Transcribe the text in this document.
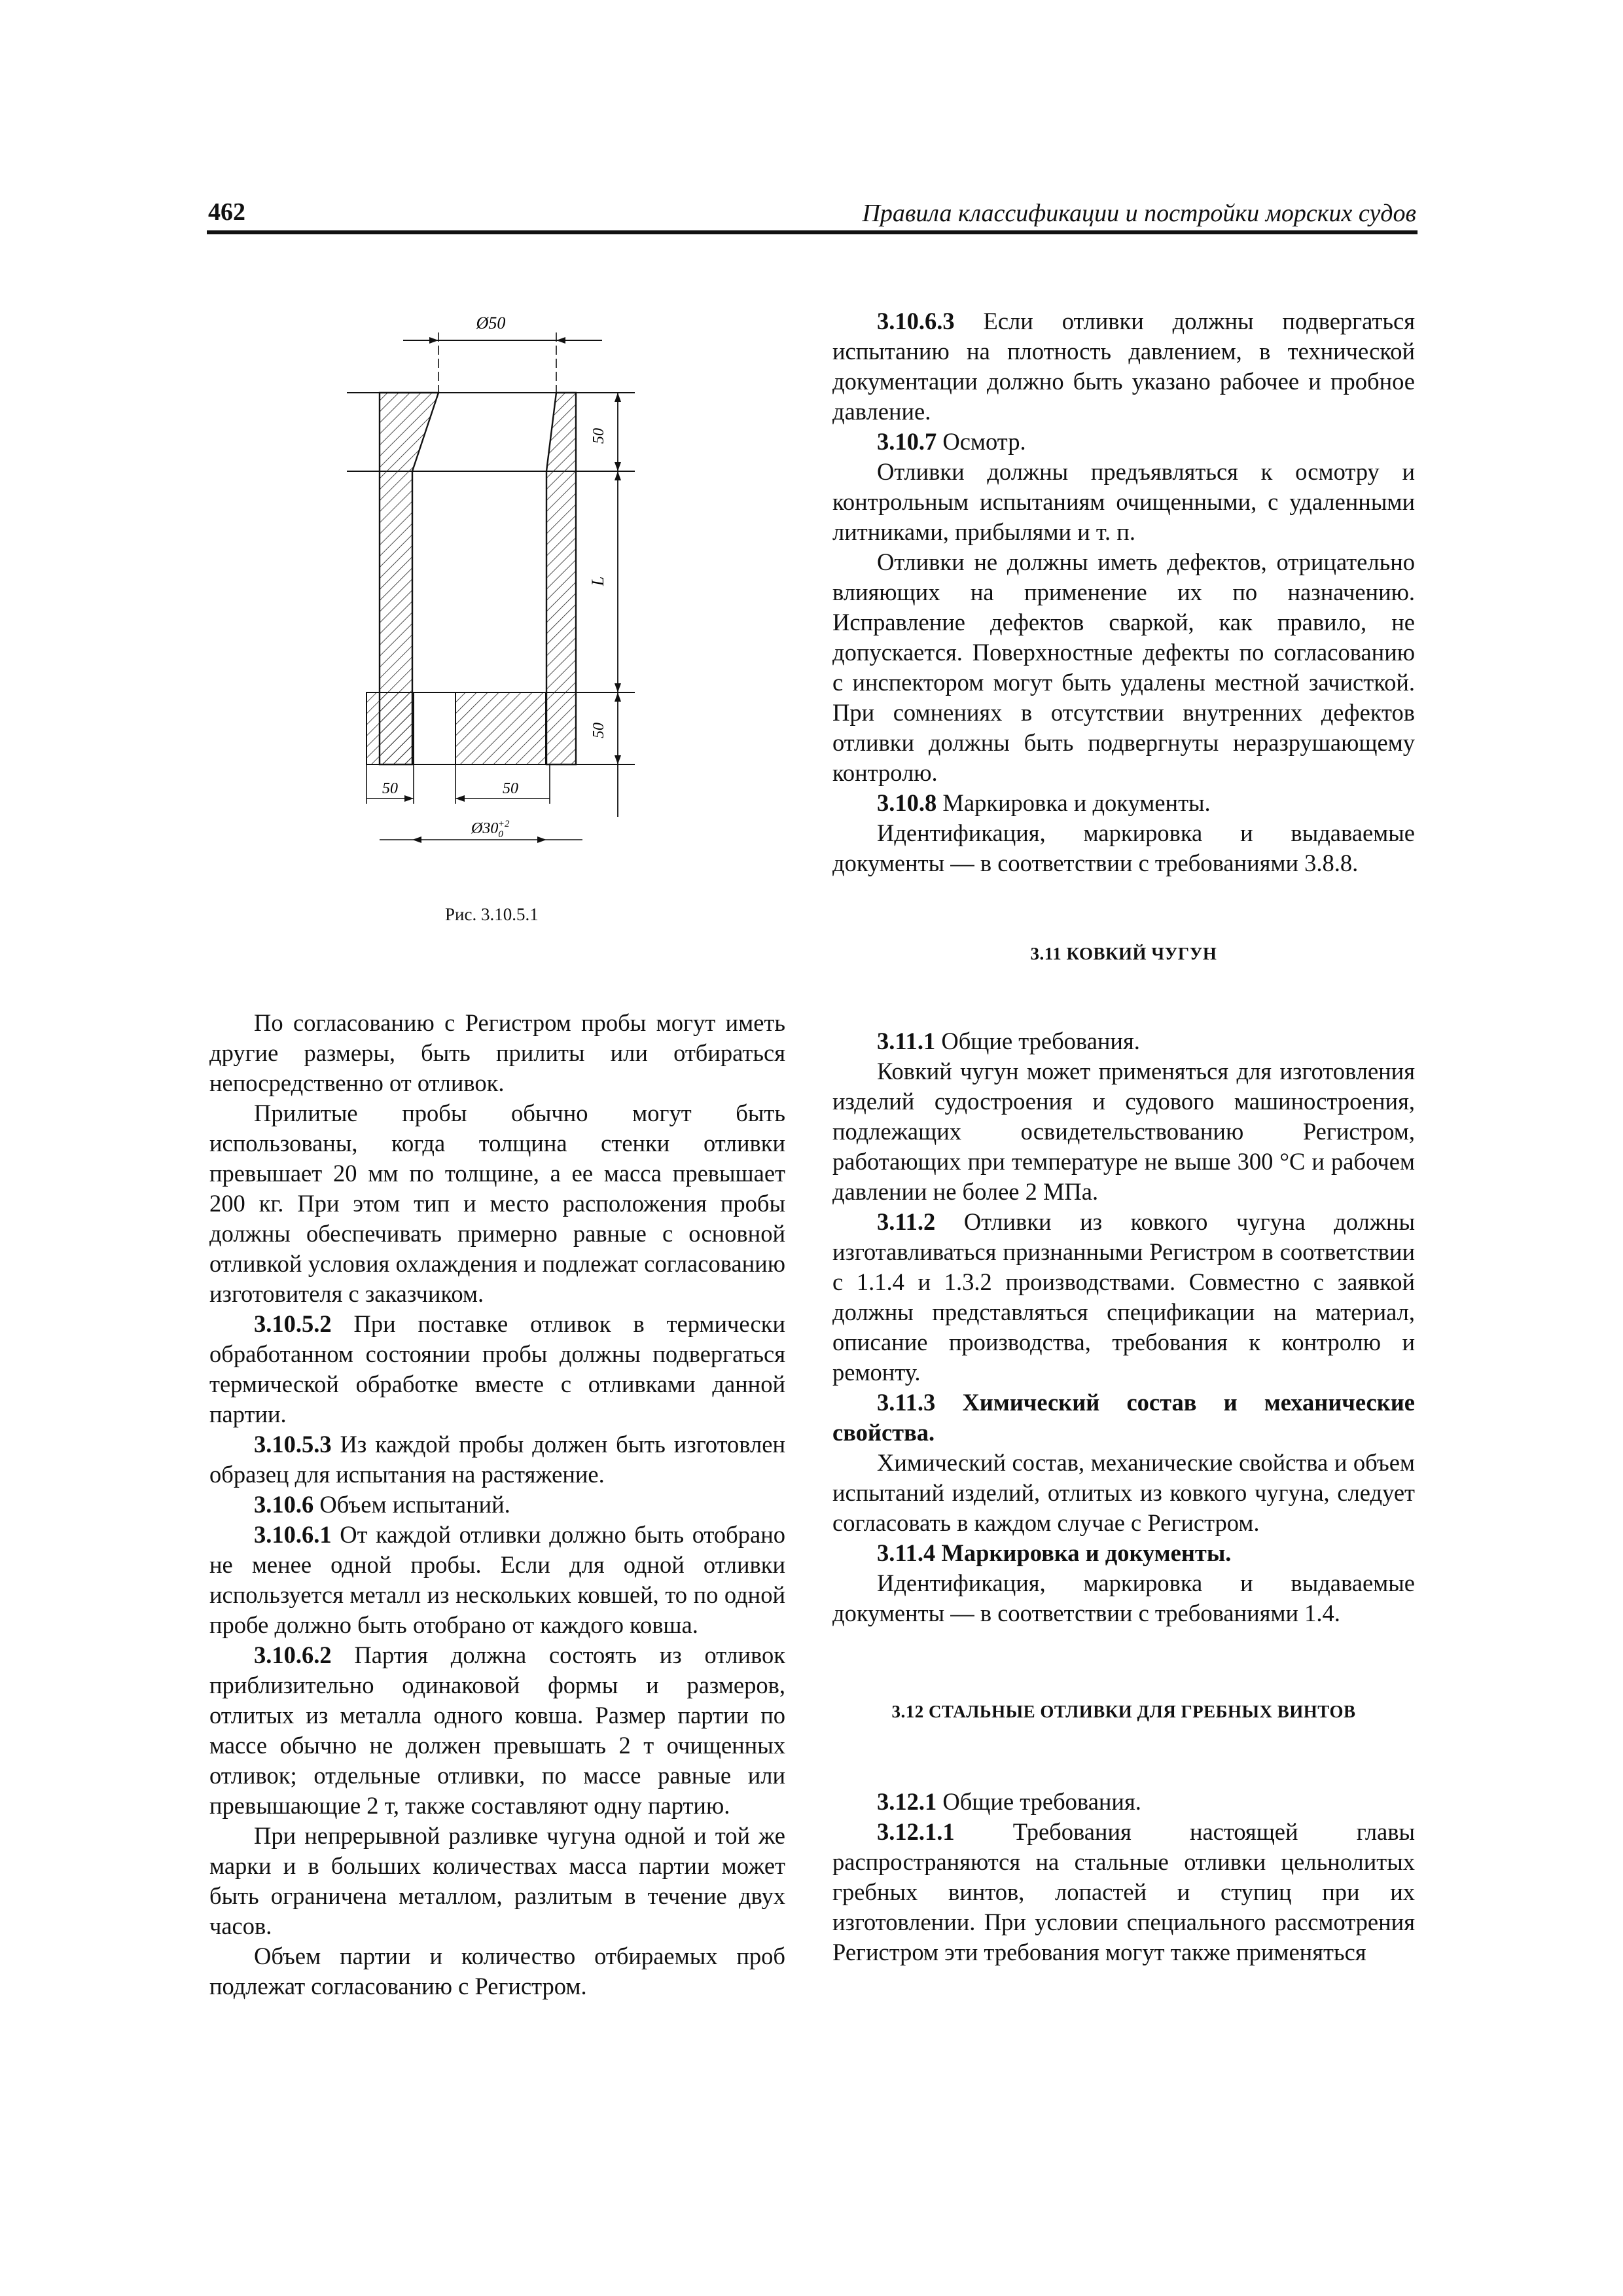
462	Правила классификации и постройки морских судов
Ø50
50	50
$Ø30_0+2$
50
L
50
Рис. 3.10.5.1

По согласованию с Регистром пробы могут иметь другие размеры, быть прилиты или отбираться непосредственно от отливок.

Прилитые пробы обычно могут быть использованы, когда толщина стенки отливки превышает 20 мм по толщине, а ее масса превышает 200 кг. При этом тип и место расположения пробы должны обеспечивать примерно равные с основной отливкой условия охлаждения и подлежат согласованию изготовителя с заказчиком.

3.10.5.2 При поставке отливок в термически обработанном состоянии пробы должны подвергаться термической обработке вместе с отливками данной партии.

3.10.5.3 Из каждой пробы должен быть изготовлен образец для испытания на растяжение.

3.10.6 Объем испытаний.

3.10.6.1 От каждой отливки должно быть отобрано не менее одной пробы. Если для одной отливки используется металл из нескольких ковшей, то по одной пробе должно быть отобрано от каждого ковша.

3.10.6.2 Партия должна состоять из отливок приблизительно одинаковой формы и размеров, отлитых из металла одного ковша. Размер партии по массе обычно не должен превышать 2 т очищенных отливок; отдельные отливки, по массе равные или превышающие 2 т, также составляют одну партию.

При непрерывной разливке чугуна одной и той же марки и в больших количествах масса партии может быть ограничена металлом, разлитым в течение двух часов.

Объем партии и количество отбираемых проб подлежат согласованию с Регистром.

3.10.6.3 Если отливки должны подвергаться испытанию на плотность давлением, в технической документации должно быть указано рабочее и пробное давление.

3.10.7 Осмотр.

Отливки должны предъявляться к осмотру и контрольным испытаниям очищенными, с удаленными литниками, прибылями и т. п.

Отливки не должны иметь дефектов, отрицательно влияющих на применение их по назначению. Исправление дефектов сваркой, как правило, не допускается. Поверхностные дефекты по согласованию с инспектором могут быть удалены местной зачисткой. При сомнениях в отсутствии внутренних дефектов отливки должны быть подвергнуты неразрушающему контролю.

3.10.8 Маркировка и документы.

Идентификация, маркировка и выдаваемые документы — в соответствии с требованиями 3.8.8.

3.11 КОВКИЙ ЧУГУН

3.11.1 Общие требования.

Ковкий чугун может применяться для изготовления изделий судостроения и судового машиностроения, подлежащих освидетельствованию Регистром, работающих при температуре не выше 300 °С и рабочем давлении не более 2 МПа.

3.11.2 Отливки из ковкого чугуна должны изготавливаться признанными Регистром в соответствии с 1.1.4 и 1.3.2 производствами. Совместно с заявкой должны представляться спецификации на материал, описание производства, требования к контролю и ремонту.

3.11.3 Химический состав и механические свойства.

Химический состав, механические свойства и объем испытаний изделий, отлитых из ковкого чугуна, следует согласовать в каждом случае с Регистром.

3.11.4 Маркировка и документы.

Идентификация, маркировка и выдаваемые документы — в соответствии с требованиями 1.4.

3.12 СТАЛЬНЫЕ ОТЛИВКИ ДЛЯ ГРЕБНЫХ ВИНТОВ

3.12.1 Общие требования.

3.12.1.1 Требования настоящей главы распространяются на стальные отливки цельнолитых гребных винтов, лопастей и ступиц при их изготовлении. При условии специального рассмотрения Регистром эти требования могут также применяться
